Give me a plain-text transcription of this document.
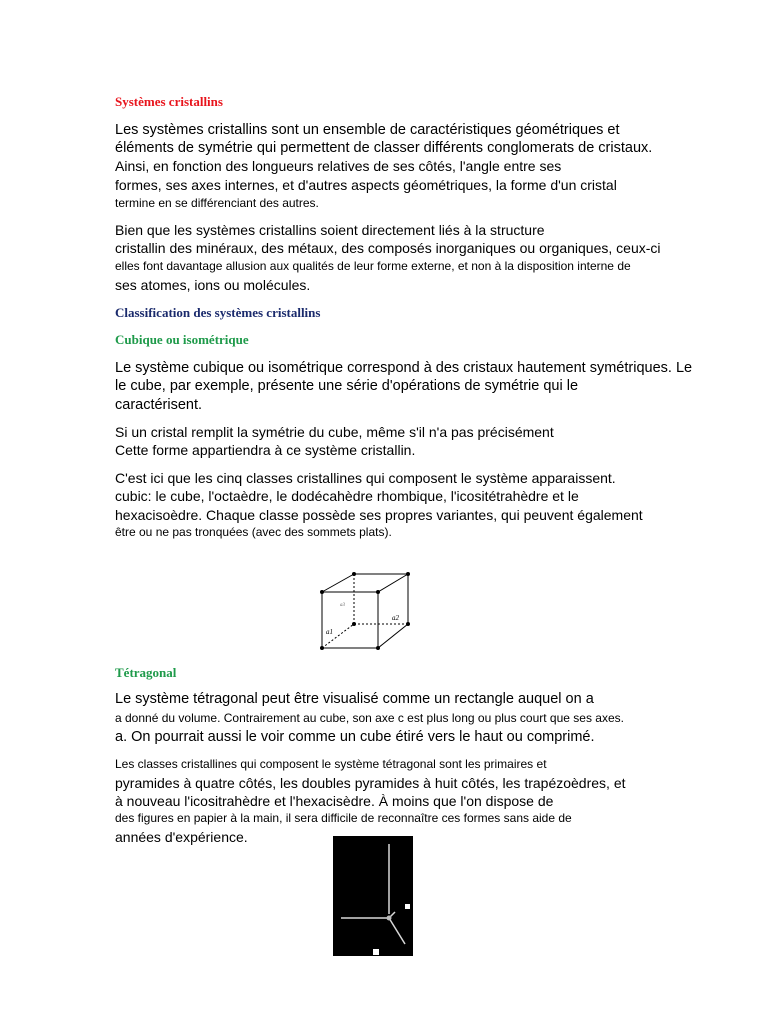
Systèmes cristallins
Les systèmes cristallins sont un ensemble de caractéristiques géométriques et
éléments de symétrie qui permettent de classer différents conglomerats de cristaux.
Ainsi, en fonction des longueurs relatives de ses côtés, l'angle entre ses
formes, ses axes internes, et d'autres aspects géométriques, la forme d'un cristal
termine en se différenciant des autres.
Bien que les systèmes cristallins soient directement liés à la structure
cristallin des minéraux, des métaux, des composés inorganiques ou organiques, ceux-ci
elles font davantage allusion aux qualités de leur forme externe, et non à la disposition interne de
ses atomes, ions ou molécules.
Classification des systèmes cristallins
Cubique ou isométrique
Le système cubique ou isométrique correspond à des cristaux hautement symétriques. Le
le cube, par exemple, présente une série d'opérations de symétrie qui le
caractérisent.
Si un cristal remplit la symétrie du cube, même s'il n'a pas précisément
Cette forme appartiendra à ce système cristallin.
C'est ici que les cinq classes cristallines qui composent le système apparaissent.
cubic: le cube, l'octaèdre, le dodécahèdre rhombique, l'icositétrahèdre et le
hexacisoèdre. Chaque classe possède ses propres variantes, qui peuvent également
être ou ne pas tronquées (avec des sommets plats).
a1
a2
a3
Tétragonal
Le système tétragonal peut être visualisé comme un rectangle auquel on a
a donné du volume. Contrairement au cube, son axe c est plus long ou plus court que ses axes.
a. On pourrait aussi le voir comme un cube étiré vers le haut ou comprimé.
Les classes cristallines qui composent le système tétragonal sont les primaires et
pyramides à quatre côtés, les doubles pyramides à huit côtés, les trapézoèdres, et
à nouveau l'icositrahèdre et l'hexacisèdre. À moins que l'on dispose de
des figures en papier à la main, il sera difficile de reconnaître ces formes sans aide de
années d'expérience.
